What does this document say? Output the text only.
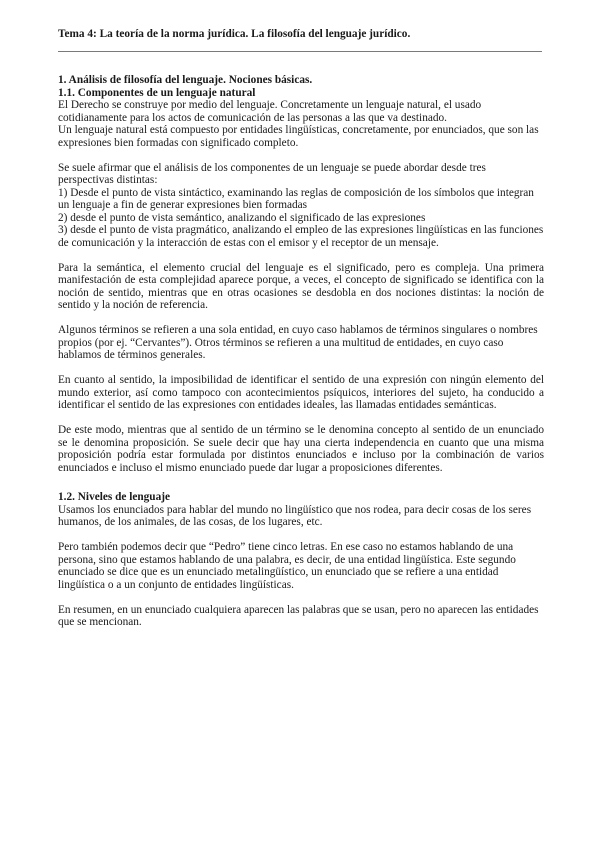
Tema 4: La teoría de la norma jurídica. La filosofía del lenguaje jurídico.
1. Análisis de filosofía del lenguaje. Nociones básicas.
1.1. Componentes de un lenguaje natural

El Derecho se construye por medio del lenguaje. Concretamente un lenguaje natural, el usado cotidianamente para los actos de comunicación de las personas a las que va destinado.

Un lenguaje natural está compuesto por entidades lingüísticas, concretamente, por enunciados, que son las expresiones bien formadas con significado completo.

Se suele afirmar que el análisis de los componentes de un lenguaje se puede abordar desde tres perspectivas distintas:

1) Desde el punto de vista sintáctico, examinando las reglas de composición de los símbolos que integran un lenguaje a fin de generar expresiones bien formadas

2) desde el punto de vista semántico, analizando el significado de las expresiones

3) desde el punto de vista pragmático, analizando el empleo de las expresiones lingüísticas en las funciones de comunicación y la interacción de estas con el emisor y el receptor de un mensaje.

Para la semántica, el elemento crucial del lenguaje es el significado, pero es compleja. Una primera manifestación de esta complejidad aparece porque, a veces, el concepto de significado se identifica con la noción de sentido, mientras que en otras ocasiones se desdobla en dos nociones distintas: la noción de sentido y la noción de referencia.

Algunos términos se refieren a una sola entidad, en cuyo caso hablamos de términos singulares o nombres propios (por ej. “Cervantes”). Otros términos se refieren a una multitud de entidades, en cuyo caso hablamos de términos generales.

En cuanto al sentido, la imposibilidad de identificar el sentido de una expresión con ningún elemento del mundo exterior, así como tampoco con acontecimientos psíquicos, interiores del sujeto, ha conducido a identificar el sentido de las expresiones con entidades ideales, las llamadas entidades semánticas.

De este modo, mientras que al sentido de un término se le denomina concepto al sentido de un enunciado se le denomina proposición. Se suele decir que hay una cierta independencia en cuanto que una misma proposición podría estar formulada por distintos enunciados e incluso por la combinación de varios enunciados e incluso el mismo enunciado puede dar lugar a proposiciones diferentes.

1.2. Niveles de lenguaje

Usamos los enunciados para hablar del mundo no lingüístico que nos rodea, para decir cosas de los seres humanos, de los animales, de las cosas, de los lugares, etc.

Pero también podemos decir que “Pedro” tiene cinco letras. En ese caso no estamos hablando de una persona, sino que estamos hablando de una palabra, es decir, de una entidad lingüística. Este segundo enunciado se dice que es un enunciado metalingüístico, un enunciado que se refiere a una entidad lingüística o a un conjunto de entidades lingüísticas.

En resumen, en un enunciado cualquiera aparecen las palabras que se usan, pero no aparecen las entidades que se mencionan.
